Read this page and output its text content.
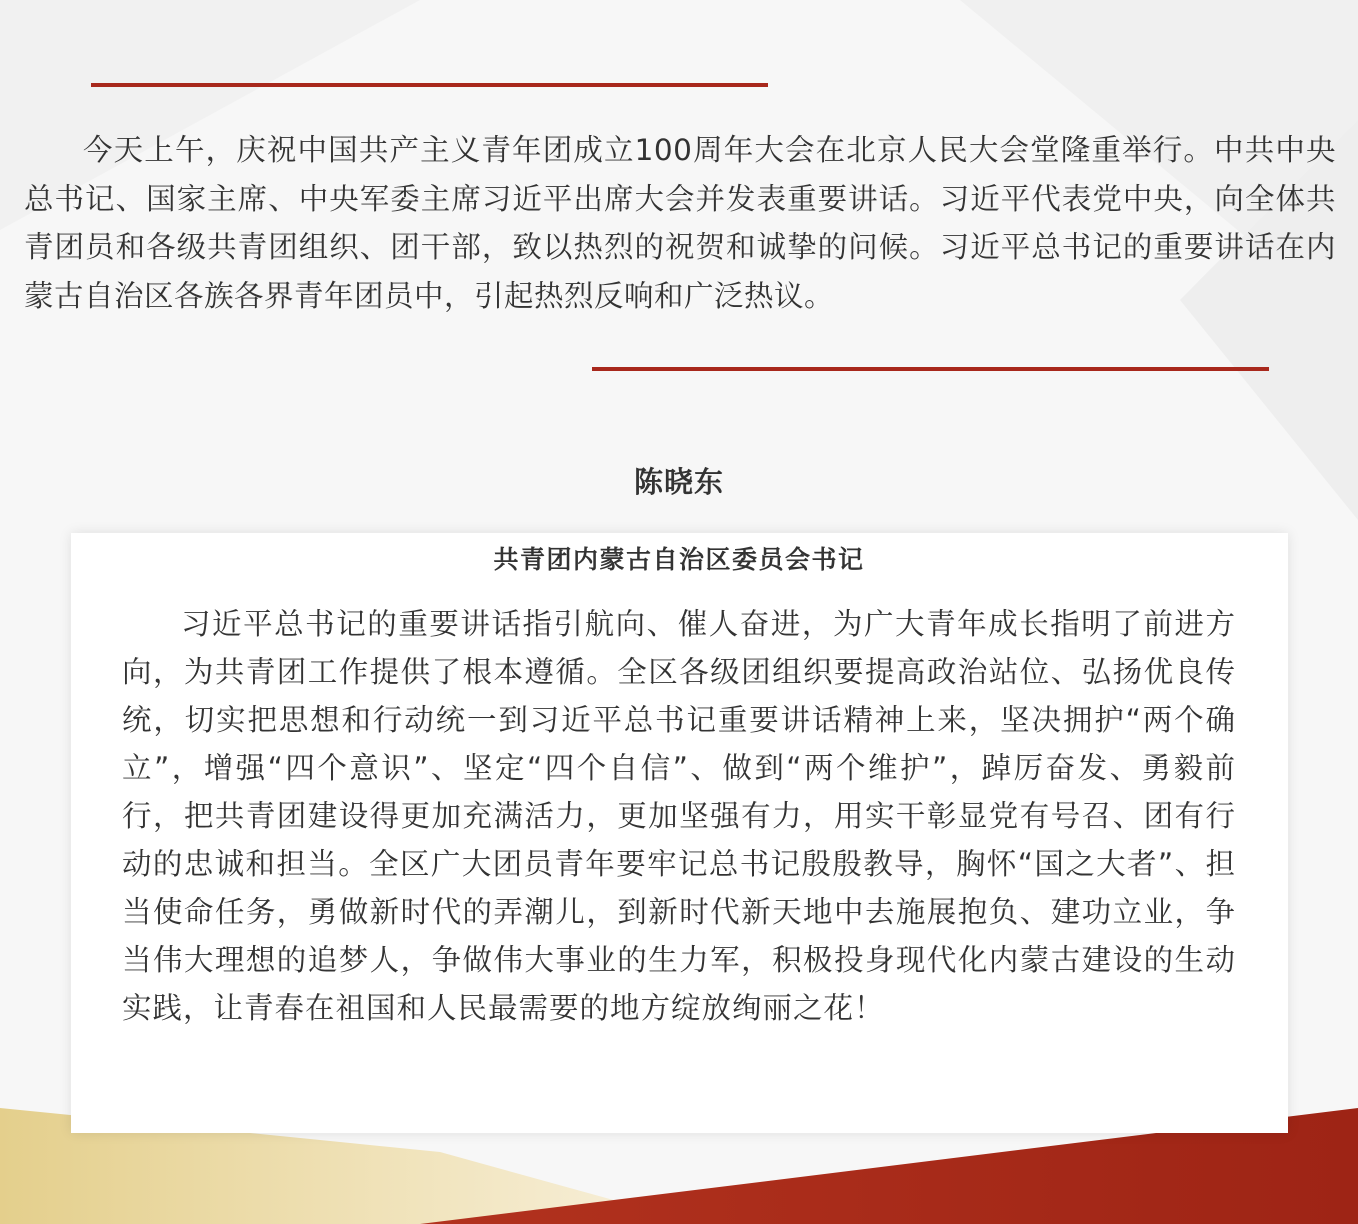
今天上午，庆祝中国共产主义青年团成立100周年大会在北京人民大会堂隆重举行。中共中央总书记、国家主席、中央军委主席习近平出席大会并发表重要讲话。习近平代表党中央，向全体共青团员和各级共青团组织、团干部，致以热烈的祝贺和诚挚的问候。习近平总书记的重要讲话在内蒙古自治区各族各界青年团员中，引起热烈反响和广泛热议。

陈晓东
共青团内蒙古自治区委员会书记

习近平总书记的重要讲话指引航向、催人奋进，为广大青年成长指明了前进方向，为共青团工作提供了根本遵循。全区各级团组织要提高政治站位、弘扬优良传统，切实把思想和行动统一到习近平总书记重要讲话精神上来，坚决拥护“两个确立”，增强“四个意识”、坚定“四个自信”、做到“两个维护”，踔厉奋发、勇毅前行，把共青团建设得更加充满活力，更加坚强有力，用实干彰显党有号召、团有行动的忠诚和担当。全区广大团员青年要牢记总书记殷殷教导，胸怀“国之大者”、担当使命任务，勇做新时代的弄潮儿，到新时代新天地中去施展抱负、建功立业，争当伟大理想的追梦人，争做伟大事业的生力军，积极投身现代化内蒙古建设的生动实践，让青春在祖国和人民最需要的地方绽放绚丽之花！
